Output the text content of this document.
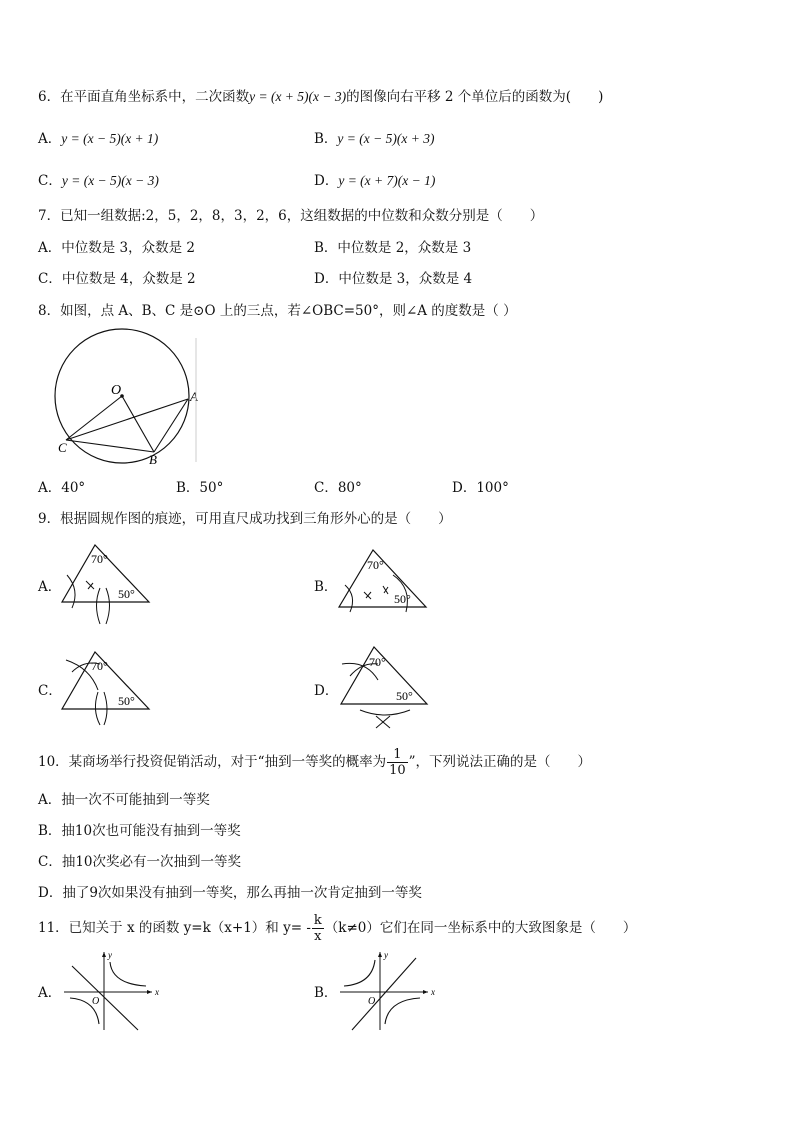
6．在平面直角坐标系中，二次函数y = (x + 5)(x − 3)的图像向右平移 2 个单位后的函数为(　　)
A．y = (x − 5)(x + 1)	B．y = (x − 5)(x + 3)
C．y = (x − 5)(x − 3)	D．y = (x + 7)(x − 1)
7．已知一组数据:2，5，2，8，3，2，6，这组数据的中位数和众数分别是（　　）
A．中位数是 3，众数是 2	B．中位数是 2，众数是 3
C．中位数是 4，众数是 2	D．中位数是 3，众数是 4
8．如图，点 A、B、C 是⊙O 上的三点，若∠OBC=50°，则∠A 的度数是（ ）
O	A
B
C
A．40°	B．50°	C．80°	D．100°
9．根据圆规作图的痕迹，可用直尺成功找到三角形外心的是（　　）
A．	B．
C．	D．
70°
50°
70°
50°
70°
50°
70°
50°
10．某商场举行投资促销活动，对于“抽到一等奖的概率为 $\frac{1}{10}$ ”，下列说法正确的是（　　）
A．抽一次不可能抽到一等奖
B．抽10次也可能没有抽到一等奖
C．抽10次奖必有一次抽到一等奖
D．抽了9次如果没有抽到一等奖，那么再抽一次肯定抽到一等奖
11．已知关于 x 的函数 y=k（x+1）和 $y= - \frac{k}{x} (k\ne 0)$它们在同一坐标系中的大致图象是（　　）
A．	B．
x
y
O
x
y
O
